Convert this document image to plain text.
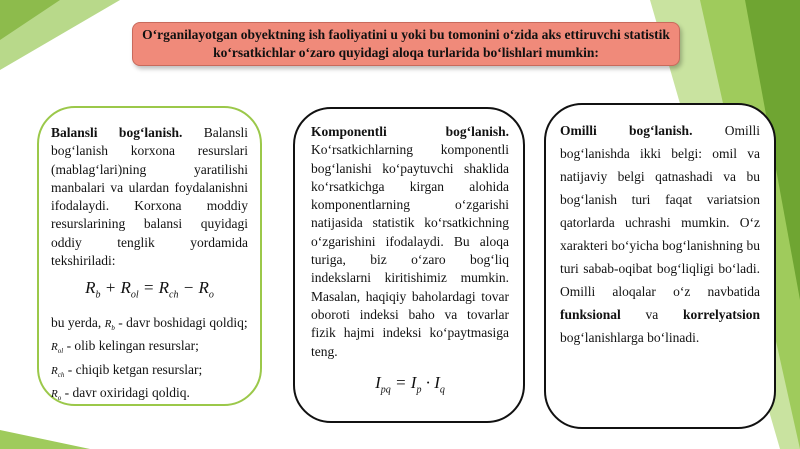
O‘rganilayotgan obyektning ish faoliyatini u yoki bu tomonini o‘zida aks ettiruvchi statistik ko‘rsatkichlar o‘zaro quyidagi aloqa turlarida bo‘lishlari mumkin:

Balansli bog‘lanish. Balansli bog‘lanish korxona resurslari (mablag‘lari)ning yaratilishi manbalari va ulardan foydalanishni ifodalaydi. Korxona moddiy resurslarining balansi quyidagi oddiy tenglik yordamida tekshiriladi:

$R_b + R_{ol} = R_{ch} - R_o$

bu yerda, $R_b$ - davr boshidagi qoldiq;

$R_{ol}$ - olib kelingan resurslar;

$R_{ch}$ - chiqib ketgan resurslar;

$R_o$ - davr oxiridagi qoldiq.

Komponentli bog‘lanish. Ko‘rsatkichlarning komponentli bog‘lanishi ko‘paytuvchi shaklida ko‘rsatkichga kirgan alohida komponentlarning o‘zgarishi natijasida statistik ko‘rsatkichning o‘zgarishini ifodalaydi. Bu aloqa turiga, biz o‘zaro bog‘liq indekslarni kiritishimiz mumkin. Masalan, haqiqiy baholardagi tovar oboroti indeksi baho va tovarlar fizik hajmi indeksi ko‘paytmasiga teng.

$I_{pq} = I_p \cdot I_q$

Omilli bog‘lanish. Omilli bog‘lanishda ikki belgi: omil va natijaviy belgi qatnashadi va bu bog‘lanish turi faqat variatsion qatorlarda uchrashi mumkin. O‘z xarakteri bo‘yicha bog‘lanishning bu turi sabab-oqibat bog‘liqligi bo‘ladi. Omilli aloqalar o‘z navbatida funksional va korrelyatsion bog‘lanishlarga bo‘linadi.
